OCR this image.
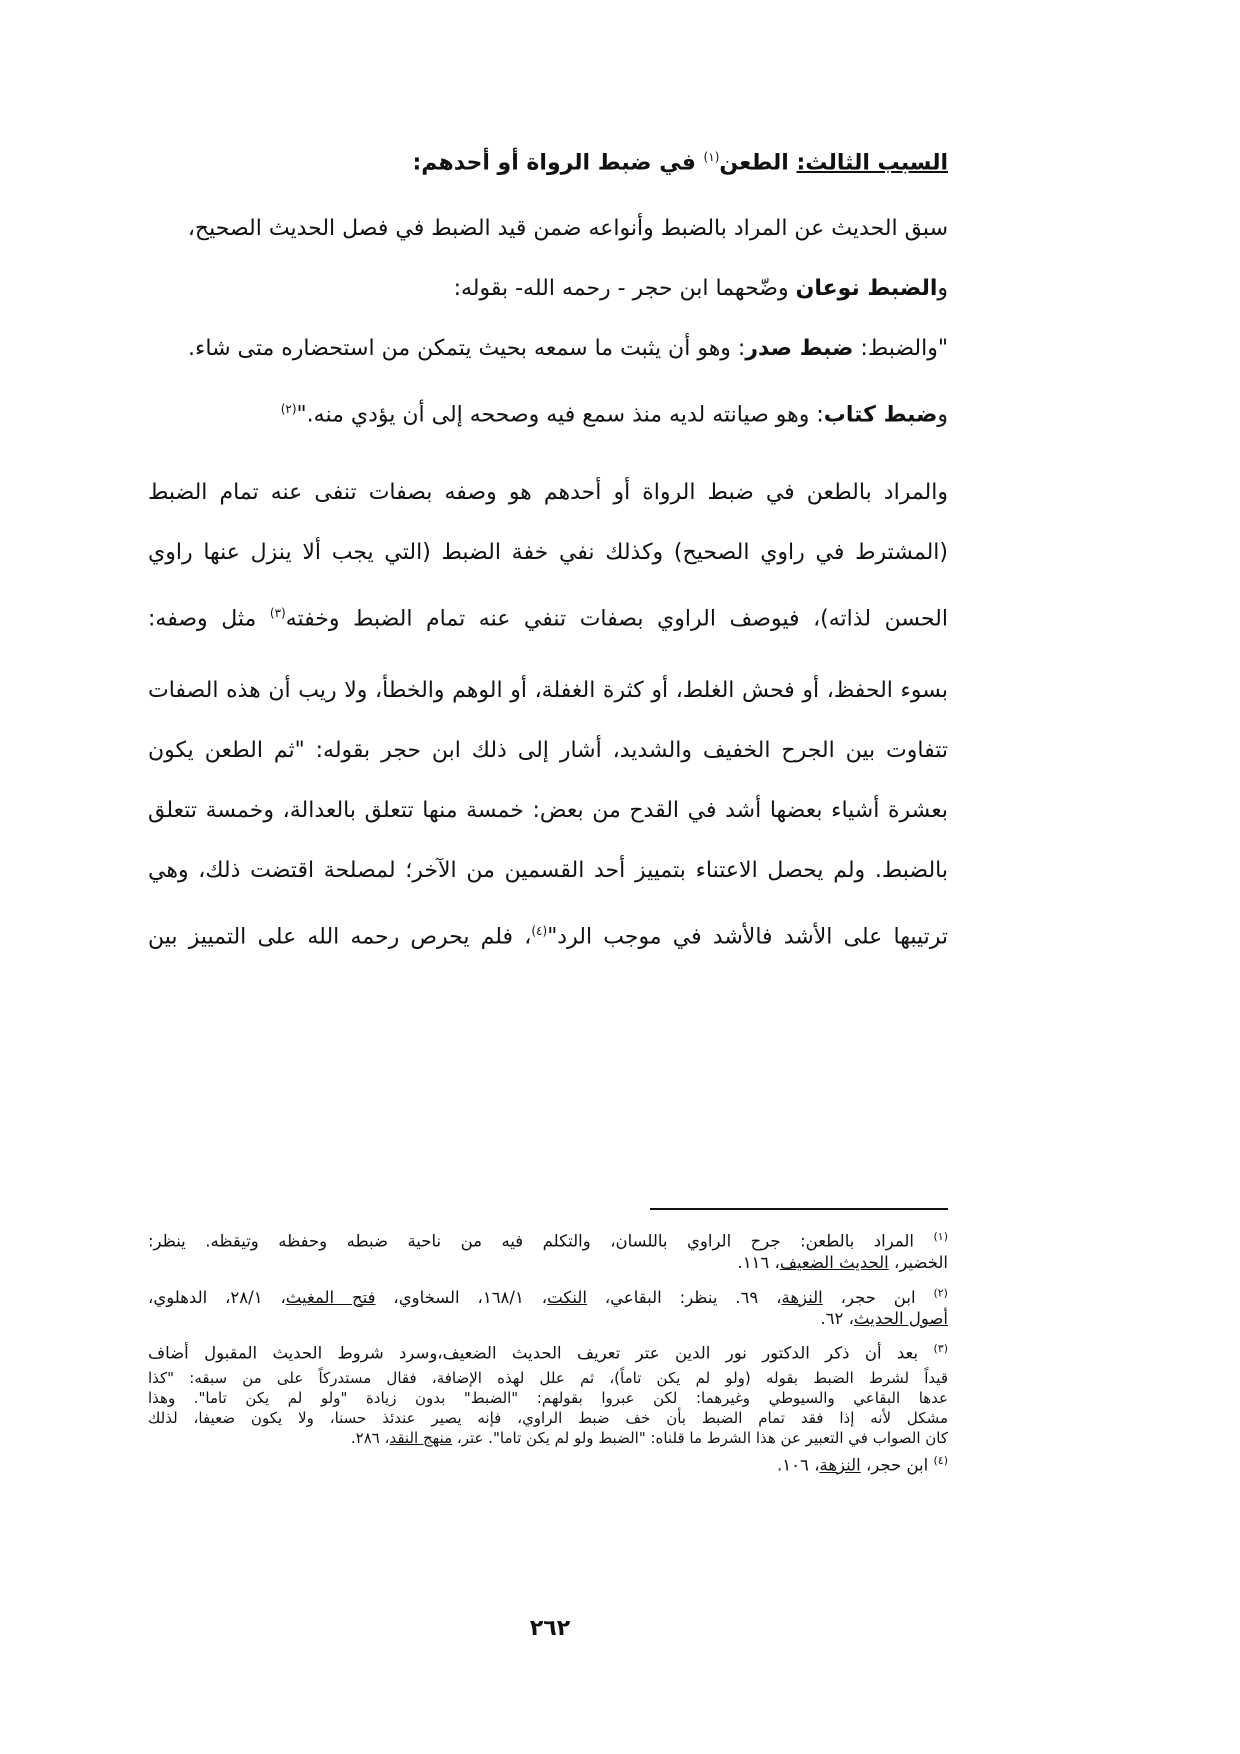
السبب الثالث: الطعن$^{(١)}$ في ضبط الرواة أو أحدهم:

سبق الحديث عن المراد بالضبط وأنواعه ضمن قيد الضبط في فصل الحديث الصحيح،

والضبط نوعان وضّحهما ابن حجر - رحمه الله- بقوله:

"والضبط: ضبط صدر: وهو أن يثبت ما سمعه بحيث يتمكن من استحضاره متى شاء.

وضبط كتاب: وهو صيانته لديه منذ سمع فيه وصححه إلى أن يؤدي منه."$^{(٢)}$

والمراد بالطعن في ضبط الرواة أو أحدهم هو وصفه بصفات تنفى عنه تمام الضبط

(المشترط في راوي الصحيح) وكذلك نفي خفة الضبط (التي يجب ألا ينزل عنها راوي

الحسن لذاته)، فيوصف الراوي بصفات تنفي عنه تمام الضبط وخفته$^{(٣)}$ مثل وصفه:

بسوء الحفظ، أو فحش الغلط، أو كثرة الغفلة، أو الوهم والخطأ، ولا ريب أن هذه الصفات

تتفاوت بين الجرح الخفيف والشديد، أشار إلى ذلك ابن حجر بقوله: "ثم الطعن يكون

بعشرة أشياء بعضها أشد في القدح من بعض: خمسة منها تتعلق بالعدالة، وخمسة تتعلق

بالضبط. ولم يحصل الاعتناء بتمييز أحد القسمين من الآخر؛ لمصلحة اقتضت ذلك، وهي

ترتيبها على الأشد فالأشد في موجب الرد"$^{(٤)}$، فلم يحرص رحمه الله على التمييز بين

$^{(١)}$ المراد بالطعن: جرح الراوي باللسان، والتكلم فيه من ناحية ضبطه وحفظه وتيقظه. ينظر:

الخضير، الحديث الضعيف، ١١٦.

$^{(٢)}$ ابن حجر، النزهة، ٦٩. ينظر: البقاعي، النكت، ١٦٨/١، السخاوي، فتح المغيث، ٢٨/١، الدهلوي،

أصول الحديث، ٦٢.

$^{(٣)}$ بعد أن ذكر الدكتور نور الدين عتر تعريف الحديث الضعيف،وسرد شروط الحديث المقبول أضاف

قيداً لشرط الضبط بقوله (ولو لم يكن تاماً)، ثم علل لهذه الإضافة، فقال مستدركاً على من سبقه: "كذا

عدها البقاعي والسيوطي وغيرهما: لكن عبروا بقولهم: "الضبط" بدون زيادة "ولو لم يكن تاما". وهذا

مشكل لأنه إذا فقد تمام الضبط بأن خف ضبط الراوي، فإنه يصير عندئذ حسنا، ولا يكون ضعيفا، لذلك

كان الصواب في التعبير عن هذا الشرط ما قلناه: "الضبط ولو لم يكن تاما". عتر، منهج النقد، ٢٨٦.

$^{(٤)}$ ابن حجر، النزهة، ١٠٦.

٢٦٢
